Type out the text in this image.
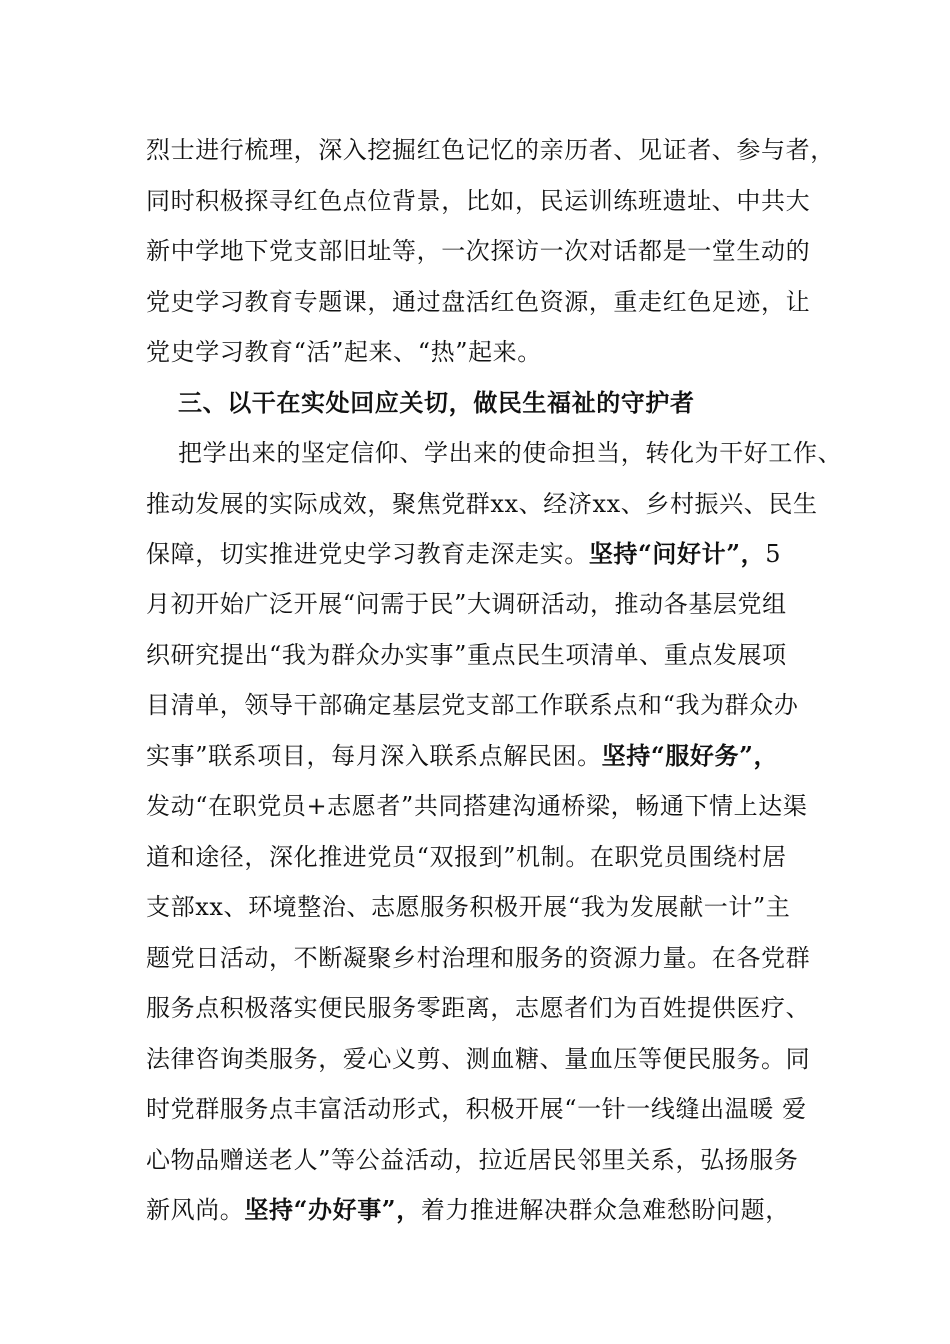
烈士进行梳理，深入挖掘红色记忆的亲历者、见证者、参与者，
同时积极探寻红色点位背景，比如，民运训练班遗址、中共大
新中学地下党支部旧址等，一次探访一次对话都是一堂生动的
党史学习教育专题课，通过盘活红色资源，重走红色足迹，让
党史学习教育“活”起来、“热”起来。
三、以干在实处回应关切，做民生福祉的守护者
把学出来的坚定信仰、学出来的使命担当，转化为干好工作、
推动发展的实际成效，聚焦党群xx、经济xx、乡村振兴、民生
保障，切实推进党史学习教育走深走实。坚持“问好计”，5
月初开始广泛开展“问需于民”大调研活动，推动各基层党组
织研究提出“我为群众办实事”重点民生项清单、重点发展项
目清单，领导干部确定基层党支部工作联系点和“我为群众办
实事”联系项目，每月深入联系点解民困。坚持“服好务”，
发动“在职党员+志愿者”共同搭建沟通桥梁，畅通下情上达渠
道和途径，深化推进党员“双报到”机制。在职党员围绕村居
支部xx、环境整治、志愿服务积极开展“我为发展献一计”主
题党日活动，不断凝聚乡村治理和服务的资源力量。在各党群
服务点积极落实便民服务零距离，志愿者们为百姓提供医疗、
法律咨询类服务，爱心义剪、测血糖、量血压等便民服务。同
时党群服务点丰富活动形式，积极开展“一针一线缝出温暖 爱
心物品赠送老人”等公益活动，拉近居民邻里关系，弘扬服务
新风尚。坚持“办好事”，着力推进解决群众急难愁盼问题，
